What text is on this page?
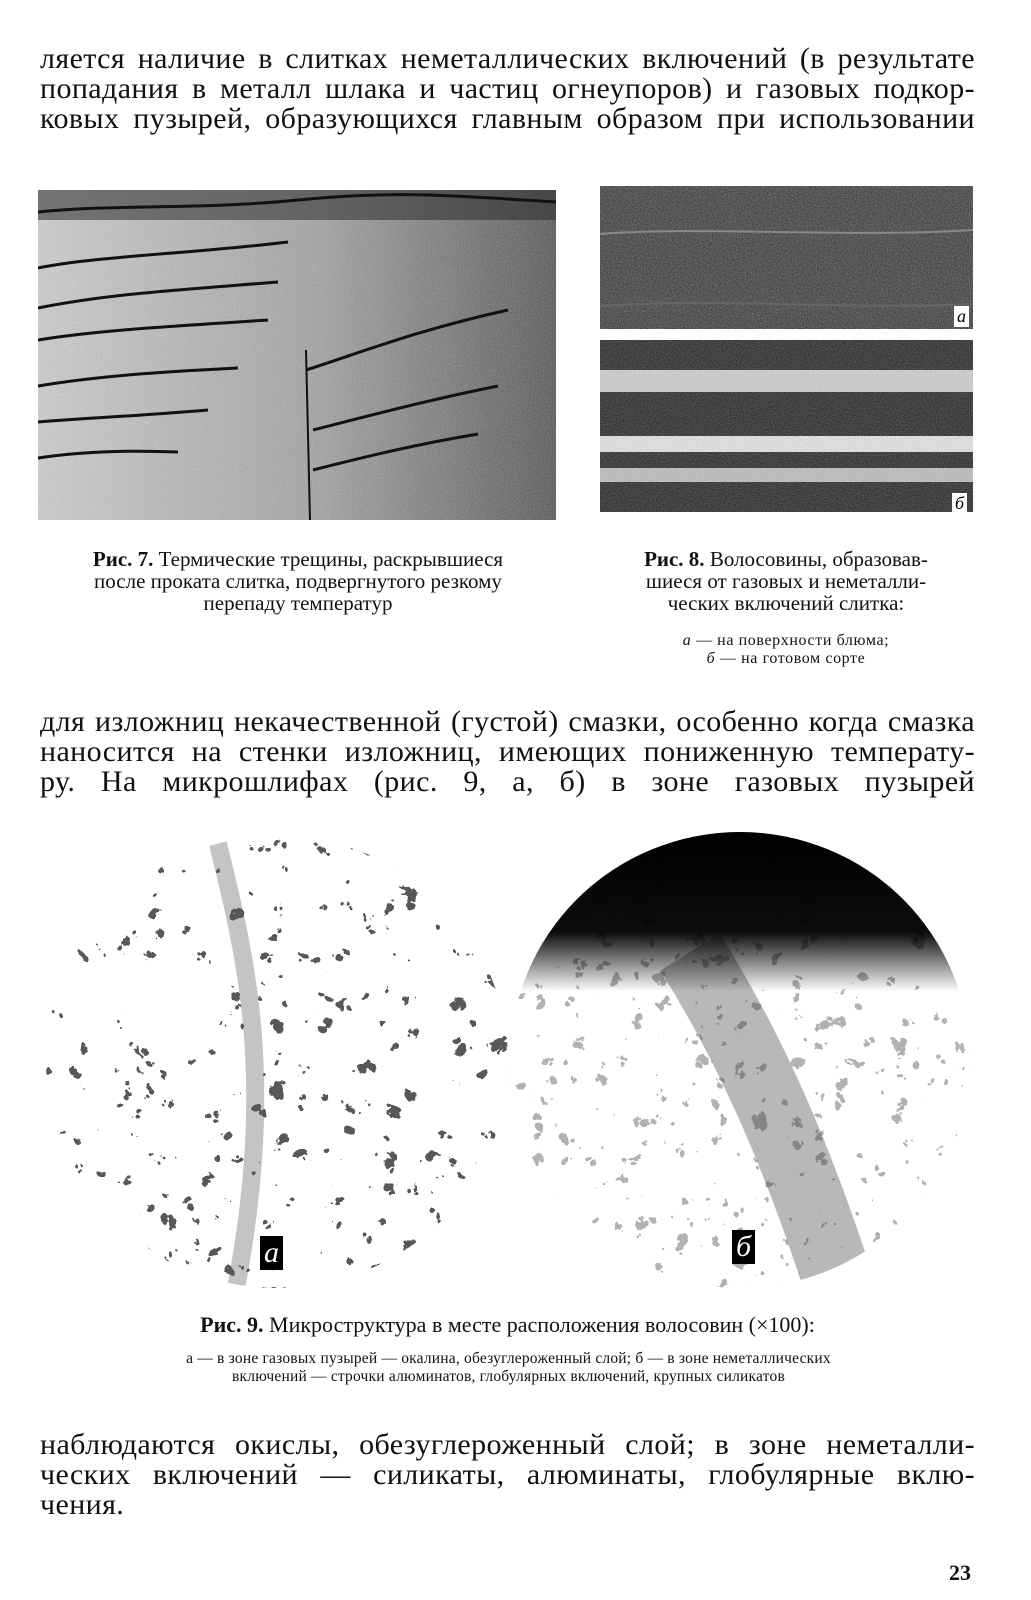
ляется наличие в слитках неметаллических включений (в результате
попадания в металл шлака и частиц огнеупоров) и газовых подкор-
ковых пузырей, образующихся главным образом при использовании
а
б
Рис. 7. Термические трещины, раскрывшиеся
после проката слитка, подвергнутого резкому
перепаду температур
Рис. 8. Волосовины, образовав-
шиеся от газовых и неметалли-
ческих включений слитка:
а — на поверхности блюма;
б — на готовом сорте
для изложниц некачественной (густой) смазки, особенно когда смазка
наносится на стенки изложниц, имеющих пониженную температу-
ру. На микрошлифах (рис. 9, а, б) в зоне газовых пузырей
а	б
Рис. 9. Микроструктура в месте расположения волосовин (×100):
а — в зоне газовых пузырей — окалина, обезуглероженный слой; б — в зоне неметаллических
включений — строчки алюминатов, глобулярных включений, крупных силикатов
наблюдаются окислы, обезуглероженный слой; в зоне неметалли-
ческих включений — силикаты, алюминаты, глобулярные вклю-
чения.
23
